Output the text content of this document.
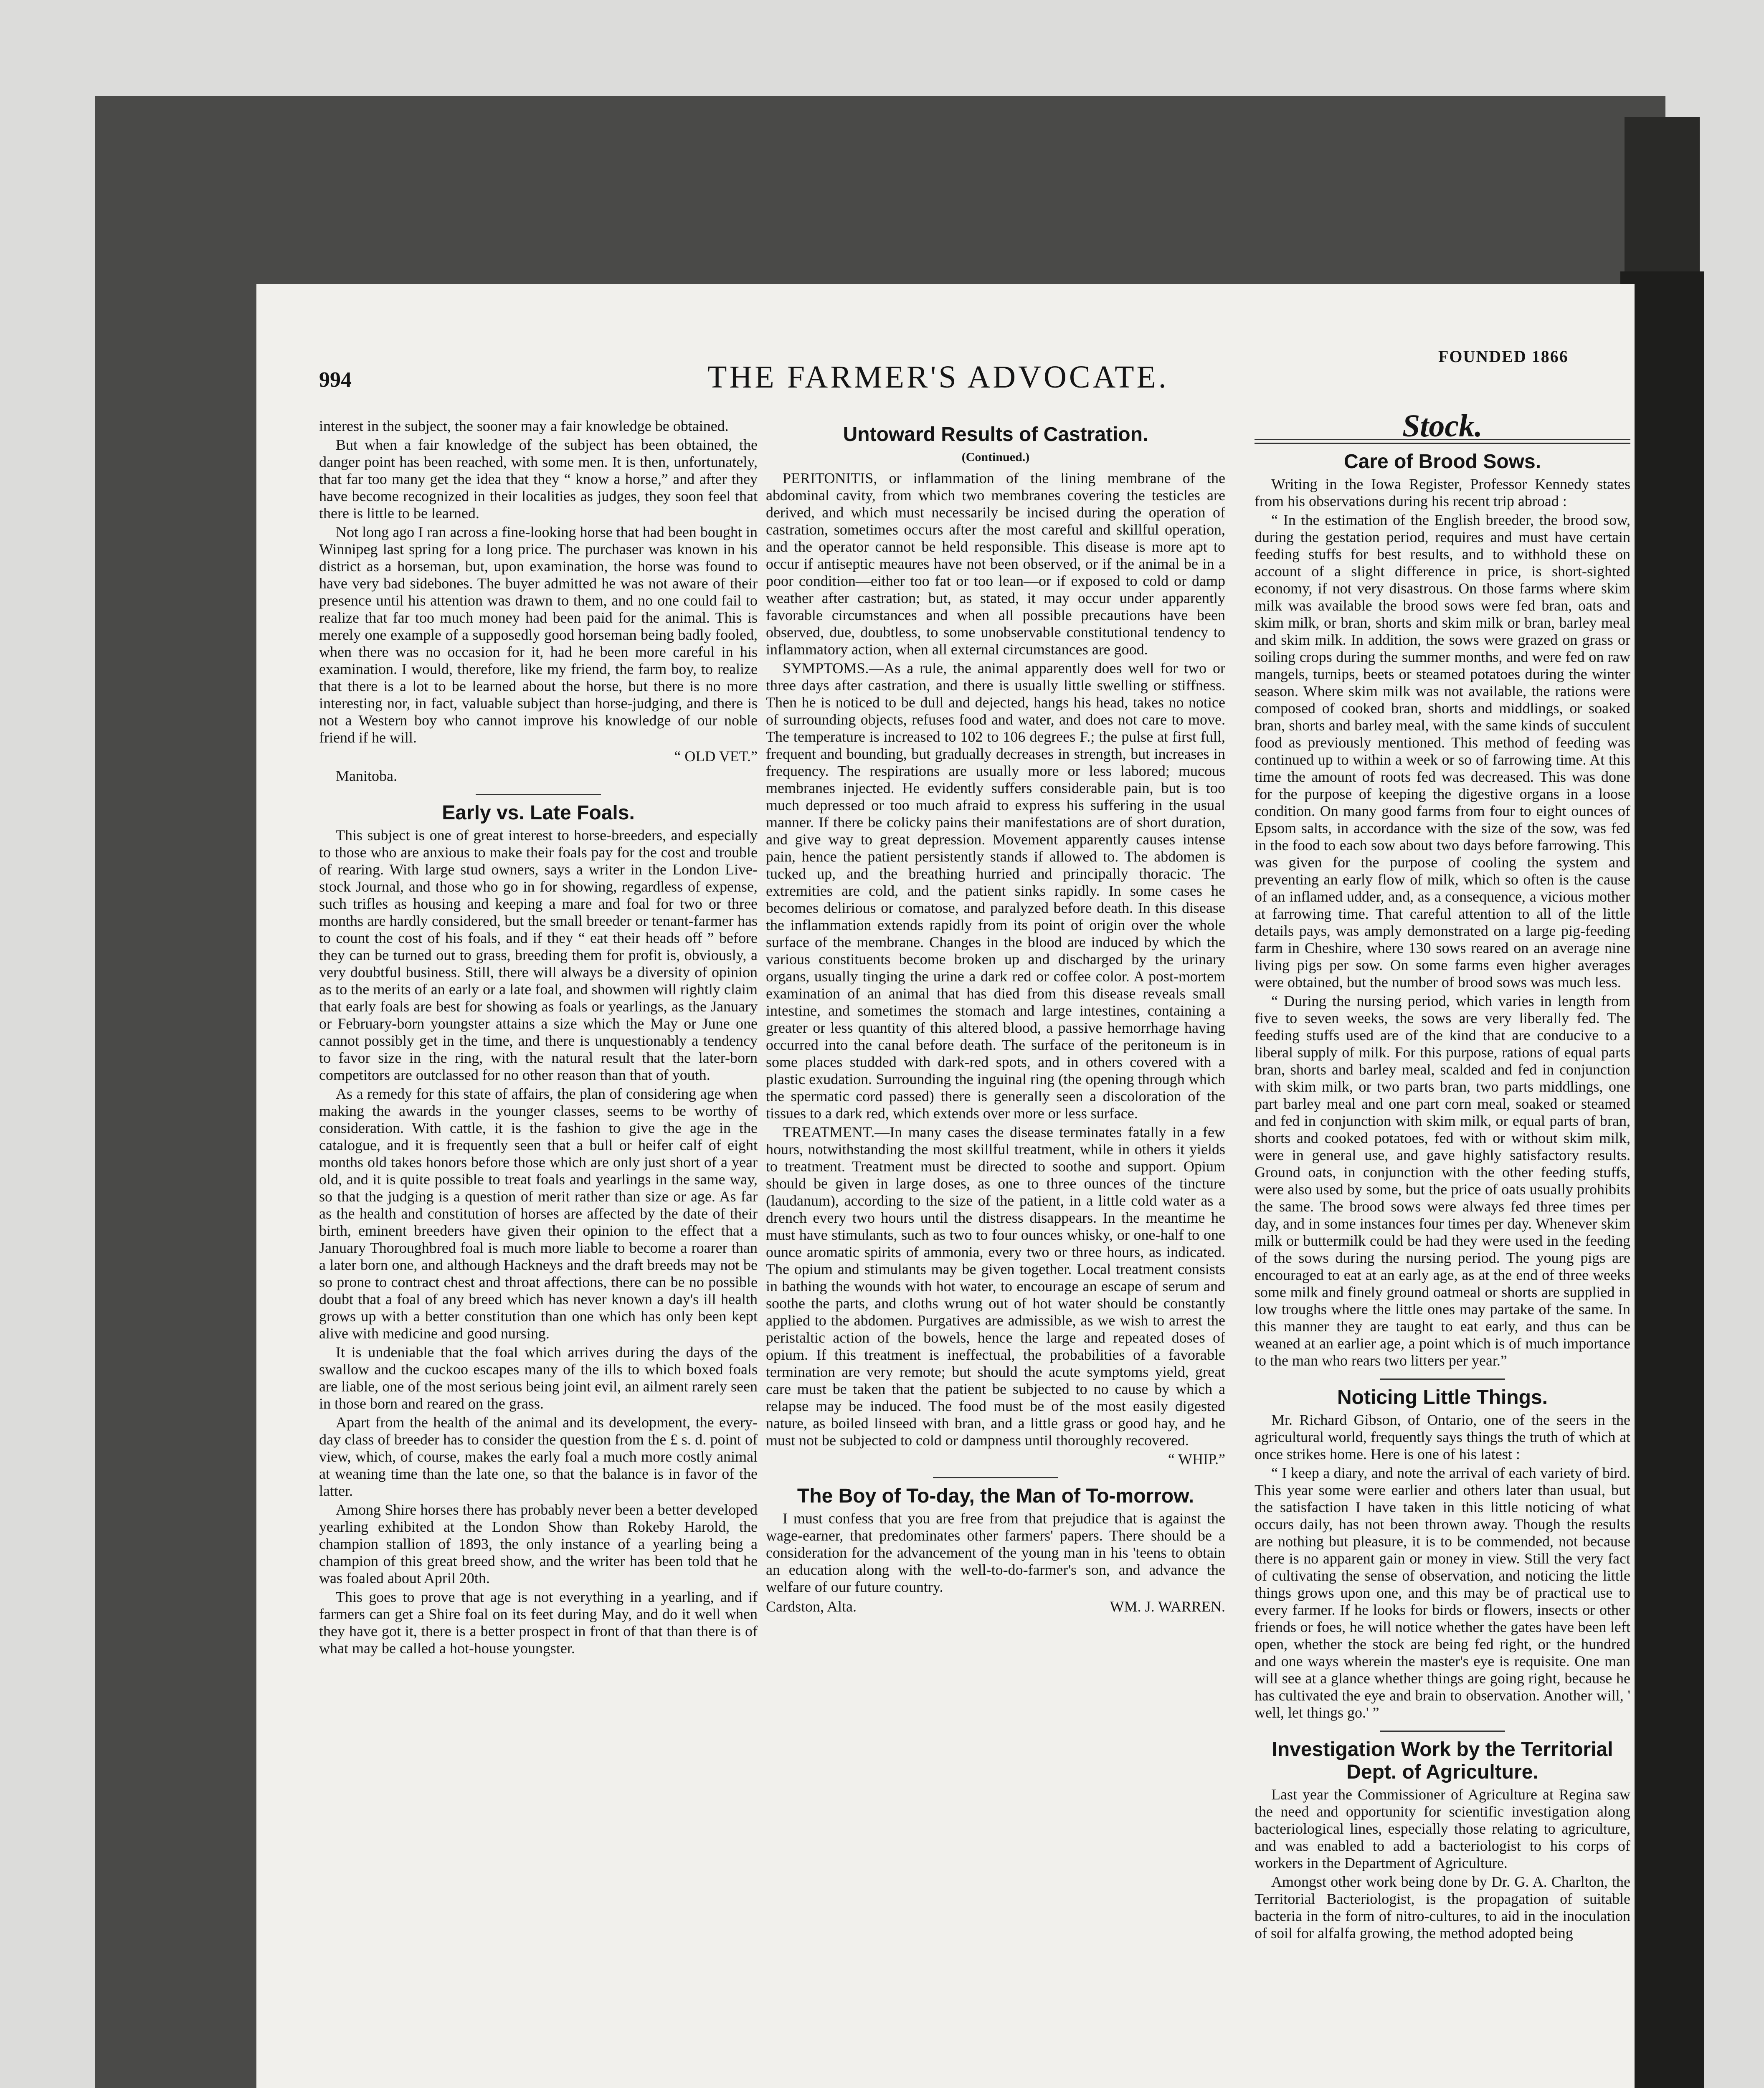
994	THE FARMER'S ADVOCATE.
FOUNDED 1866

interest in the subject, the sooner may a fair knowledge be obtained.

But when a fair knowledge of the subject has been obtained, the danger point has been reached, with some men. It is then, unfortunately, that far too many get the idea that they “ know a horse,” and after they have become recognized in their localities as judges, they soon feel that there is little to be learned.

Not long ago I ran across a fine-looking horse that had been bought in Winnipeg last spring for a long price. The purchaser was known in his district as a horseman, but, upon examination, the horse was found to have very bad sidebones. The buyer admitted he was not aware of their presence until his attention was drawn to them, and no one could fail to realize that far too much money had been paid for the animal. This is merely one example of a supposedly good horseman being badly fooled, when there was no occasion for it, had he been more careful in his examination. I would, therefore, like my friend, the farm boy, to realize that there is a lot to be learned about the horse, but there is no more interesting nor, in fact, valuable subject than horse-judging, and there is not a Western boy who cannot improve his knowledge of our noble friend if he will.

“ OLD VET.”
Manitoba.
Early vs. Late Foals.

This subject is one of great interest to horse-breeders, and especially to those who are anxious to make their foals pay for the cost and trouble of rearing. With large stud owners, says a writer in the London Live-stock Journal, and those who go in for showing, regardless of expense, such trifles as housing and keeping a mare and foal for two or three months are hardly considered, but the small breeder or tenant-farmer has to count the cost of his foals, and if they “ eat their heads off ” before they can be turned out to grass, breeding them for profit is, obviously, a very doubtful business. Still, there will always be a diversity of opinion as to the merits of an early or a late foal, and showmen will rightly claim that early foals are best for showing as foals or yearlings, as the January or February-born youngster attains a size which the May or June one cannot possibly get in the time, and there is unquestionably a tendency to favor size in the ring, with the natural result that the later-born competitors are outclassed for no other reason than that of youth.

As a remedy for this state of affairs, the plan of considering age when making the awards in the younger classes, seems to be worthy of consideration. With cattle, it is the fashion to give the age in the catalogue, and it is frequently seen that a bull or heifer calf of eight months old takes honors before those which are only just short of a year old, and it is quite possible to treat foals and yearlings in the same way, so that the judging is a question of merit rather than size or age. As far as the health and constitution of horses are affected by the date of their birth, eminent breeders have given their opinion to the effect that a January Thoroughbred foal is much more liable to become a roarer than a later born one, and although Hackneys and the draft breeds may not be so prone to contract chest and throat affections, there can be no possible doubt that a foal of any breed which has never known a day's ill health grows up with a better constitution than one which has only been kept alive with medicine and good nursing.

It is undeniable that the foal which arrives during the days of the swallow and the cuckoo escapes many of the ills to which boxed foals are liable, one of the most serious being joint evil, an ailment rarely seen in those born and reared on the grass.

Apart from the health of the animal and its development, the every-day class of breeder has to consider the question from the £ s. d. point of view, which, of course, makes the early foal a much more costly animal at weaning time than the late one, so that the balance is in favor of the latter.

Among Shire horses there has probably never been a better developed yearling exhibited at the London Show than Rokeby Harold, the champion stallion of 1893, the only instance of a yearling being a champion of this great breed show, and the writer has been told that he was foaled about April 20th.

This goes to prove that age is not everything in a yearling, and if farmers can get a Shire foal on its feet during May, and do it well when they have got it, there is a better prospect in front of that than there is of what may be called a hot-house youngster.

Untoward Results of Castration.
(Continued.)

PERITONITIS, or inflammation of the lining membrane of the abdominal cavity, from which two membranes covering the testicles are derived, and which must necessarily be incised during the operation of castration, sometimes occurs after the most careful and skillful operation, and the operator cannot be held responsible. This disease is more apt to occur if antiseptic meaures have not been observed, or if the animal be in a poor condition—either too fat or too lean—or if exposed to cold or damp weather after castration; but, as stated, it may occur under apparently favorable circumstances and when all possible precautions have been observed, due, doubtless, to some unobservable constitutional tendency to inflammatory action, when all external circumstances are good.

SYMPTOMS.—As a rule, the animal apparently does well for two or three days after castration, and there is usually little swelling or stiffness. Then he is noticed to be dull and dejected, hangs his head, takes no notice of surrounding objects, refuses food and water, and does not care to move. The temperature is increased to 102 to 106 degrees F.; the pulse at first full, frequent and bounding, but gradually decreases in strength, but increases in frequency. The respirations are usually more or less labored; mucous membranes injected. He evidently suffers considerable pain, but is too much depressed or too much afraid to express his suffering in the usual manner. If there be colicky pains their manifestations are of short duration, and give way to great depression. Movement apparently causes intense pain, hence the patient persistently stands if allowed to. The abdomen is tucked up, and the breathing hurried and principally thoracic. The extremities are cold, and the patient sinks rapidly. In some cases he becomes delirious or comatose, and paralyzed before death. In this disease the inflammation extends rapidly from its point of origin over the whole surface of the membrane. Changes in the blood are induced by which the various constituents become broken up and discharged by the urinary organs, usually tinging the urine a dark red or coffee color. A post-mortem examination of an animal that has died from this disease reveals small intestine, and sometimes the stomach and large intestines, containing a greater or less quantity of this altered blood, a passive hemorrhage having occurred into the canal before death. The surface of the peritoneum is in some places studded with dark-red spots, and in others covered with a plastic exudation. Surrounding the inguinal ring (the opening through which the spermatic cord passed) there is generally seen a discoloration of the tissues to a dark red, which extends over more or less surface.

TREATMENT.—In many cases the disease terminates fatally in a few hours, notwithstanding the most skillful treatment, while in others it yields to treatment. Treatment must be directed to soothe and support. Opium should be given in large doses, as one to three ounces of the tincture (laudanum), according to the size of the patient, in a little cold water as a drench every two hours until the distress disappears. In the meantime he must have stimulants, such as two to four ounces whisky, or one-half to one ounce aromatic spirits of ammonia, every two or three hours, as indicated. The opium and stimulants may be given together. Local treatment consists in bathing the wounds with hot water, to encourage an escape of serum and soothe the parts, and cloths wrung out of hot water should be constantly applied to the abdomen. Purgatives are admissible, as we wish to arrest the peristaltic action of the bowels, hence the large and repeated doses of opium. If this treatment is ineffectual, the probabilities of a favorable termination are very remote; but should the acute symptoms yield, great care must be taken that the patient be subjected to no cause by which a relapse may be induced. The food must be of the most easily digested nature, as boiled linseed with bran, and a little grass or good hay, and he must not be subjected to cold or dampness until thoroughly recovered.

“ WHIP.”
The Boy of To-day, the Man of To-morrow.

I must confess that you are free from that prejudice that is against the wage-earner, that predominates other farmers' papers. There should be a consideration for the advancement of the young man in his 'teens to obtain an education along with the well-to-do-farmer's son, and advance the welfare of our future country.

Cardston, Alta.	WM. J. WARREN.
Stock.
Care of Brood Sows.

Writing in the Iowa Register, Professor Kennedy states from his observations during his recent trip abroad :

“ In the estimation of the English breeder, the brood sow, during the gestation period, requires and must have certain feeding stuffs for best results, and to withhold these on account of a slight difference in price, is short-sighted economy, if not very disastrous. On those farms where skim milk was available the brood sows were fed bran, oats and skim milk, or bran, shorts and skim milk or bran, barley meal and skim milk. In addition, the sows were grazed on grass or soiling crops during the summer months, and were fed on raw mangels, turnips, beets or steamed potatoes during the winter season. Where skim milk was not available, the rations were composed of cooked bran, shorts and middlings, or soaked bran, shorts and barley meal, with the same kinds of succulent food as previously mentioned. This method of feeding was continued up to within a week or so of farrowing time. At this time the amount of roots fed was decreased. This was done for the purpose of keeping the digestive organs in a loose condition. On many good farms from four to eight ounces of Epsom salts, in accordance with the size of the sow, was fed in the food to each sow about two days before farrowing. This was given for the purpose of cooling the system and preventing an early flow of milk, which so often is the cause of an inflamed udder, and, as a consequence, a vicious mother at farrowing time. That careful attention to all of the little details pays, was amply demonstrated on a large pig-feeding farm in Cheshire, where 130 sows reared on an average nine living pigs per sow. On some farms even higher averages were obtained, but the number of brood sows was much less.

“ During the nursing period, which varies in length from five to seven weeks, the sows are very liberally fed. The feeding stuffs used are of the kind that are conducive to a liberal supply of milk. For this purpose, rations of equal parts bran, shorts and barley meal, scalded and fed in conjunction with skim milk, or two parts bran, two parts middlings, one part barley meal and one part corn meal, soaked or steamed and fed in conjunction with skim milk, or equal parts of bran, shorts and cooked potatoes, fed with or without skim milk, were in general use, and gave highly satisfactory results. Ground oats, in conjunction with the other feeding stuffs, were also used by some, but the price of oats usually prohibits the same. The brood sows were always fed three times per day, and in some instances four times per day. Whenever skim milk or buttermilk could be had they were used in the feeding of the sows during the nursing period. The young pigs are encouraged to eat at an early age, as at the end of three weeks some milk and finely ground oatmeal or shorts are supplied in low troughs where the little ones may partake of the same. In this manner they are taught to eat early, and thus can be weaned at an earlier age, a point which is of much importance to the man who rears two litters per year.”

Noticing Little Things.

Mr. Richard Gibson, of Ontario, one of the seers in the agricultural world, frequently says things the truth of which at once strikes home. Here is one of his latest :

“ I keep a diary, and note the arrival of each variety of bird. This year some were earlier and others later than usual, but the satisfaction I have taken in this little noticing of what occurs daily, has not been thrown away. Though the results are nothing but pleasure, it is to be commended, not because there is no apparent gain or money in view. Still the very fact of cultivating the sense of observation, and noticing the little things grows upon one, and this may be of practical use to every farmer. If he looks for birds or flowers, insects or other friends or foes, he will notice whether the gates have been left open, whether the stock are being fed right, or the hundred and one ways wherein the master's eye is requisite. One man will see at a glance whether things are going right, because he has cultivated the eye and brain to observation. Another will, ' well, let things go.' ”

Investigation Work by the Territorial Dept. of Agriculture.

Last year the Commissioner of Agriculture at Regina saw the need and opportunity for scientific investigation along bacteriological lines, especially those relating to agriculture, and was enabled to add a bacteriologist to his corps of workers in the Department of Agriculture.

Amongst other work being done by Dr. G. A. Charlton, the Territorial Bacteriologist, is the propagation of suitable bacteria in the form of nitro-cultures, to aid in the inoculation of soil for alfalfa growing, the method adopted being
